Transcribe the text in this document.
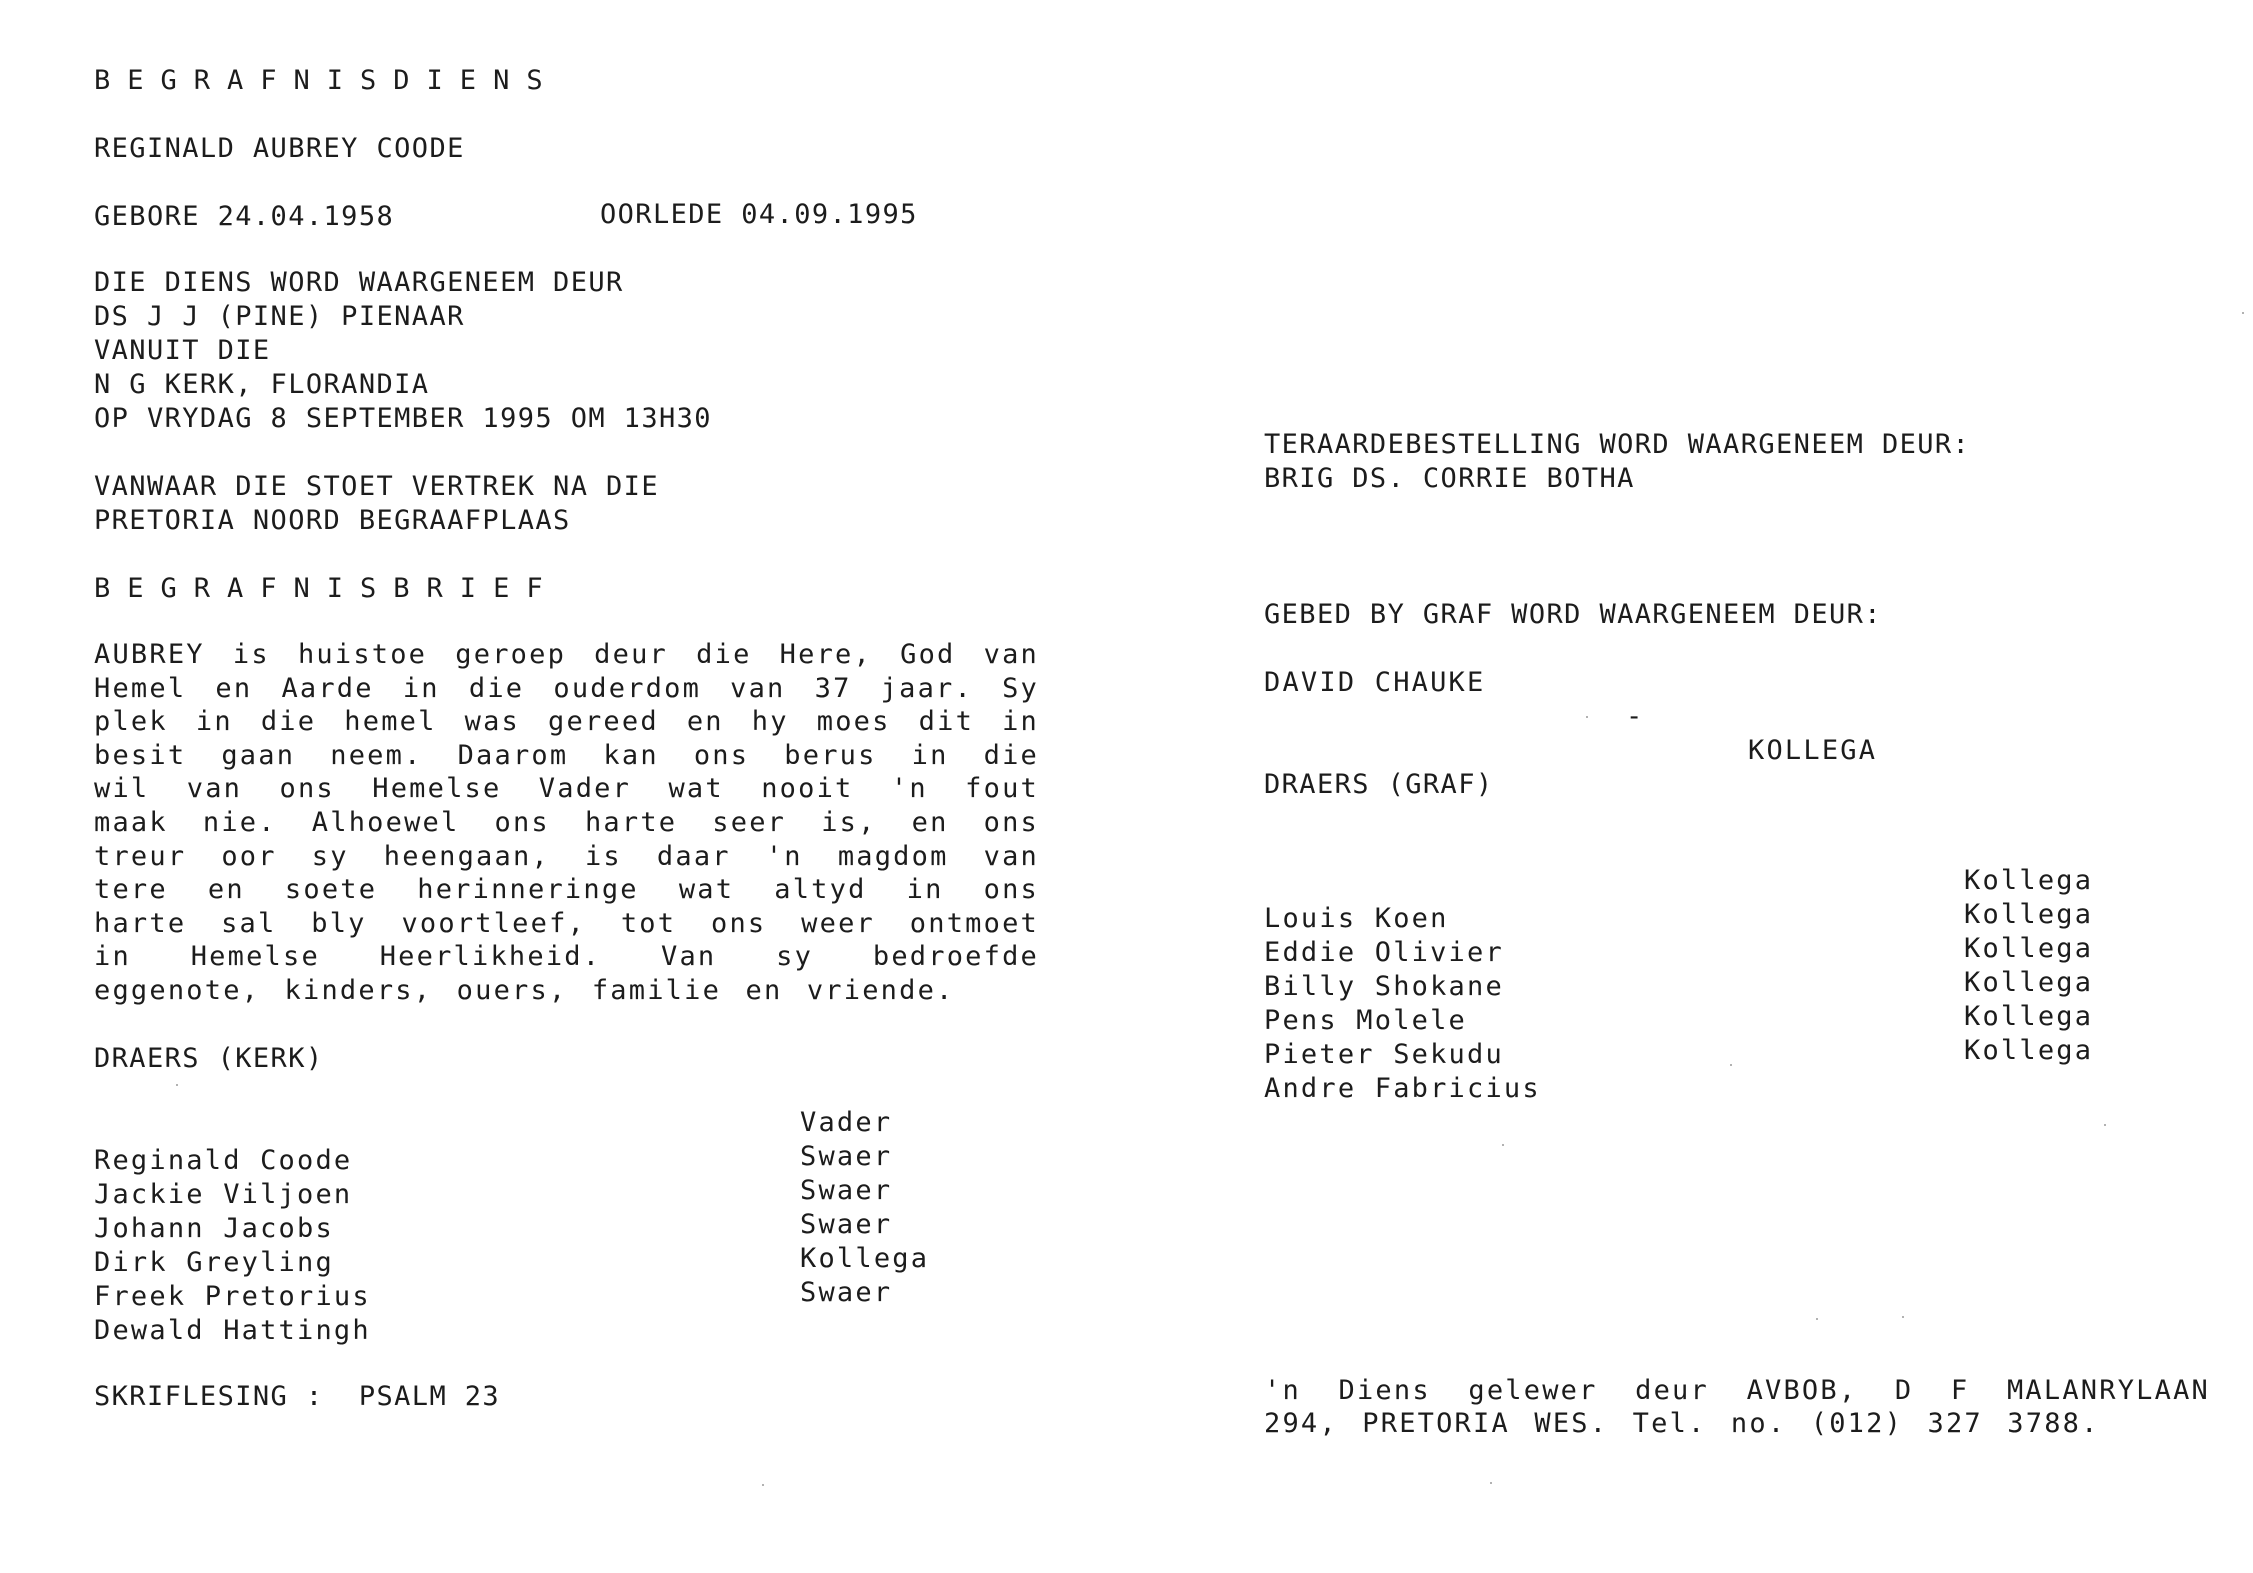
BEGRAFNISDIENS
REGINALD AUBREY COODE
GEBORE 24.04.1958	OORLEDE 04.09.1995
DIE DIENS WORD WAARGENEEM DEUR
DS J J (PINE) PIENAAR
VANUIT DIE
N G KERK, FLORANDIA
OP VRYDAG 8 SEPTEMBER 1995 OM 13H30
VANWAAR DIE STOET VERTREK NA DIE
PRETORIA NOORD BEGRAAFPLAAS
BEGRAFNISBRIEF
AUBREY is huistoe geroep deur die Here, God van
Hemel en Aarde in die ouderdom van 37 jaar. Sy
plek in die hemel was gereed en hy moes dit in
besit gaan neem. Daarom kan ons berus in die
wil van ons Hemelse Vader wat nooit 'n fout
maak nie. Alhoewel ons harte seer is, en ons
treur oor sy heengaan, is daar 'n magdom van
tere en soete herinneringe wat altyd in ons
harte sal bly voortleef, tot ons weer ontmoet
in Hemelse Heerlikheid. Van sy bedroefde
eggenote, kinders, ouers, familie en vriende.
DRAERS (KERK)

Reginald Coode

Vader

Jackie Viljoen

Swaer

Johann Jacobs

Swaer

Dirk Greyling

Swaer

Freek Pretorius

Kollega

Dewald Hattingh

Swaer

SKRIFLESING :  PSALM 23
TERAARDEBESTELLING WORD WAARGENEEM DEUR:
BRIG DS. CORRIE BOTHA
GEBED BY GRAF WORD WAARGENEEM DEUR:

DAVID CHAUKE

-

KOLLEGA

DRAERS (GRAF)

Louis Koen

Kollega

Eddie Olivier

Kollega

Billy Shokane

Kollega

Pens Molele

Kollega

Pieter Sekudu

Kollega

Andre Fabricius

Kollega

'n Diens gelewer deur AVBOB, D F MALANRYLAAN
294, PRETORIA WES. Tel. no. (012) 327 3788.
